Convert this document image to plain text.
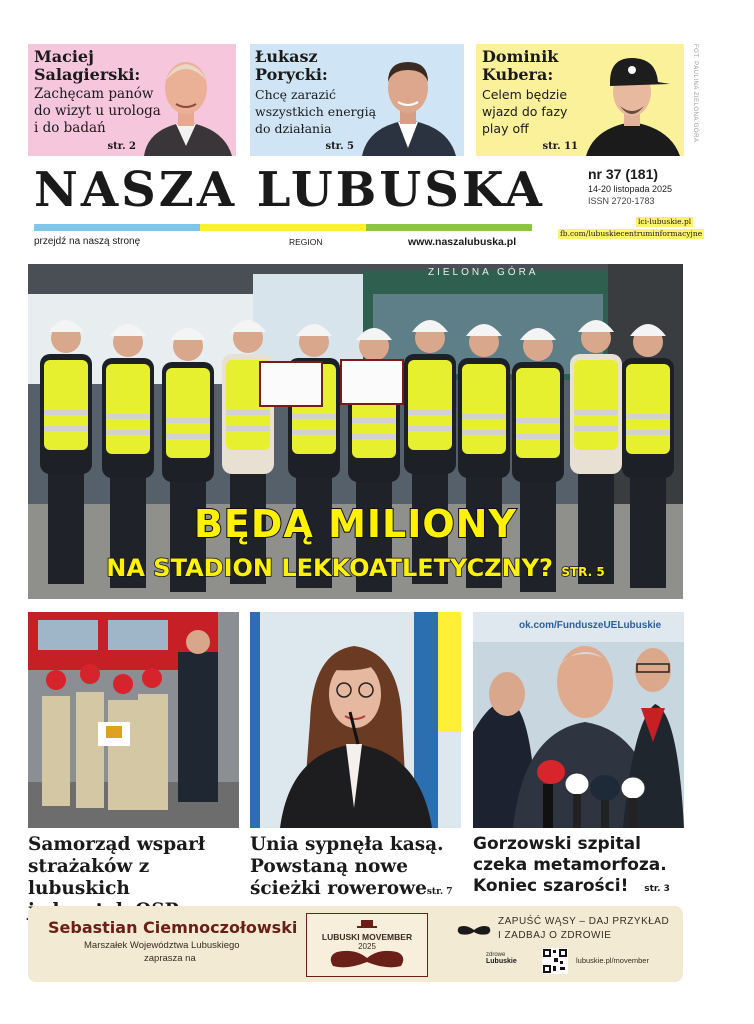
Maciej
Salagierski:
Zachęcam panów
do wizyt u urologa
i do badań
str. 2
Łukasz
Porycki:
Chcę zarazić
wszystkich energią
do działania
str. 5
Dominik
Kubera:
Celem będzie
wjazd do fazy
play off
str. 11
FOT. PAULINA ZIELONA GÓRA
NASZA LUBUSKA	nr 37 (181)
14-20 listopada 2025
ISSN 2720-1783
przejdź na naszą stronę	REGION	www.naszalubuska.pl
lci-lubuskie.pl
fb.com/lubuskiecentruminformacyjne
ZIELONA GÓRA
BĘDĄ MILIONY
NA STADION LEKKOATLETYCZNY? STR. 5
ok.com/FunduszeUELubuskie
Samorząd wsparł
strażaków z lubuskich
Unia sypnęła kasą.
Powstaną nowe
ścieżki rowerowestr. 7
Gorzowski szpital
czeka metamorfoza.
Koniec szarości! str. 3
Sebastian Ciemnoczołowski
Marszałek Województwa Lubuskiego
zaprasza na
LUBUSKI MOVEMBER
2025
ZAPUŚĆ WĄSY – DAJ PRZYKŁAD
I ZADBAJ O ZDROWIE
zdrowe
Lubuskie	lubuskie.pl/movember
